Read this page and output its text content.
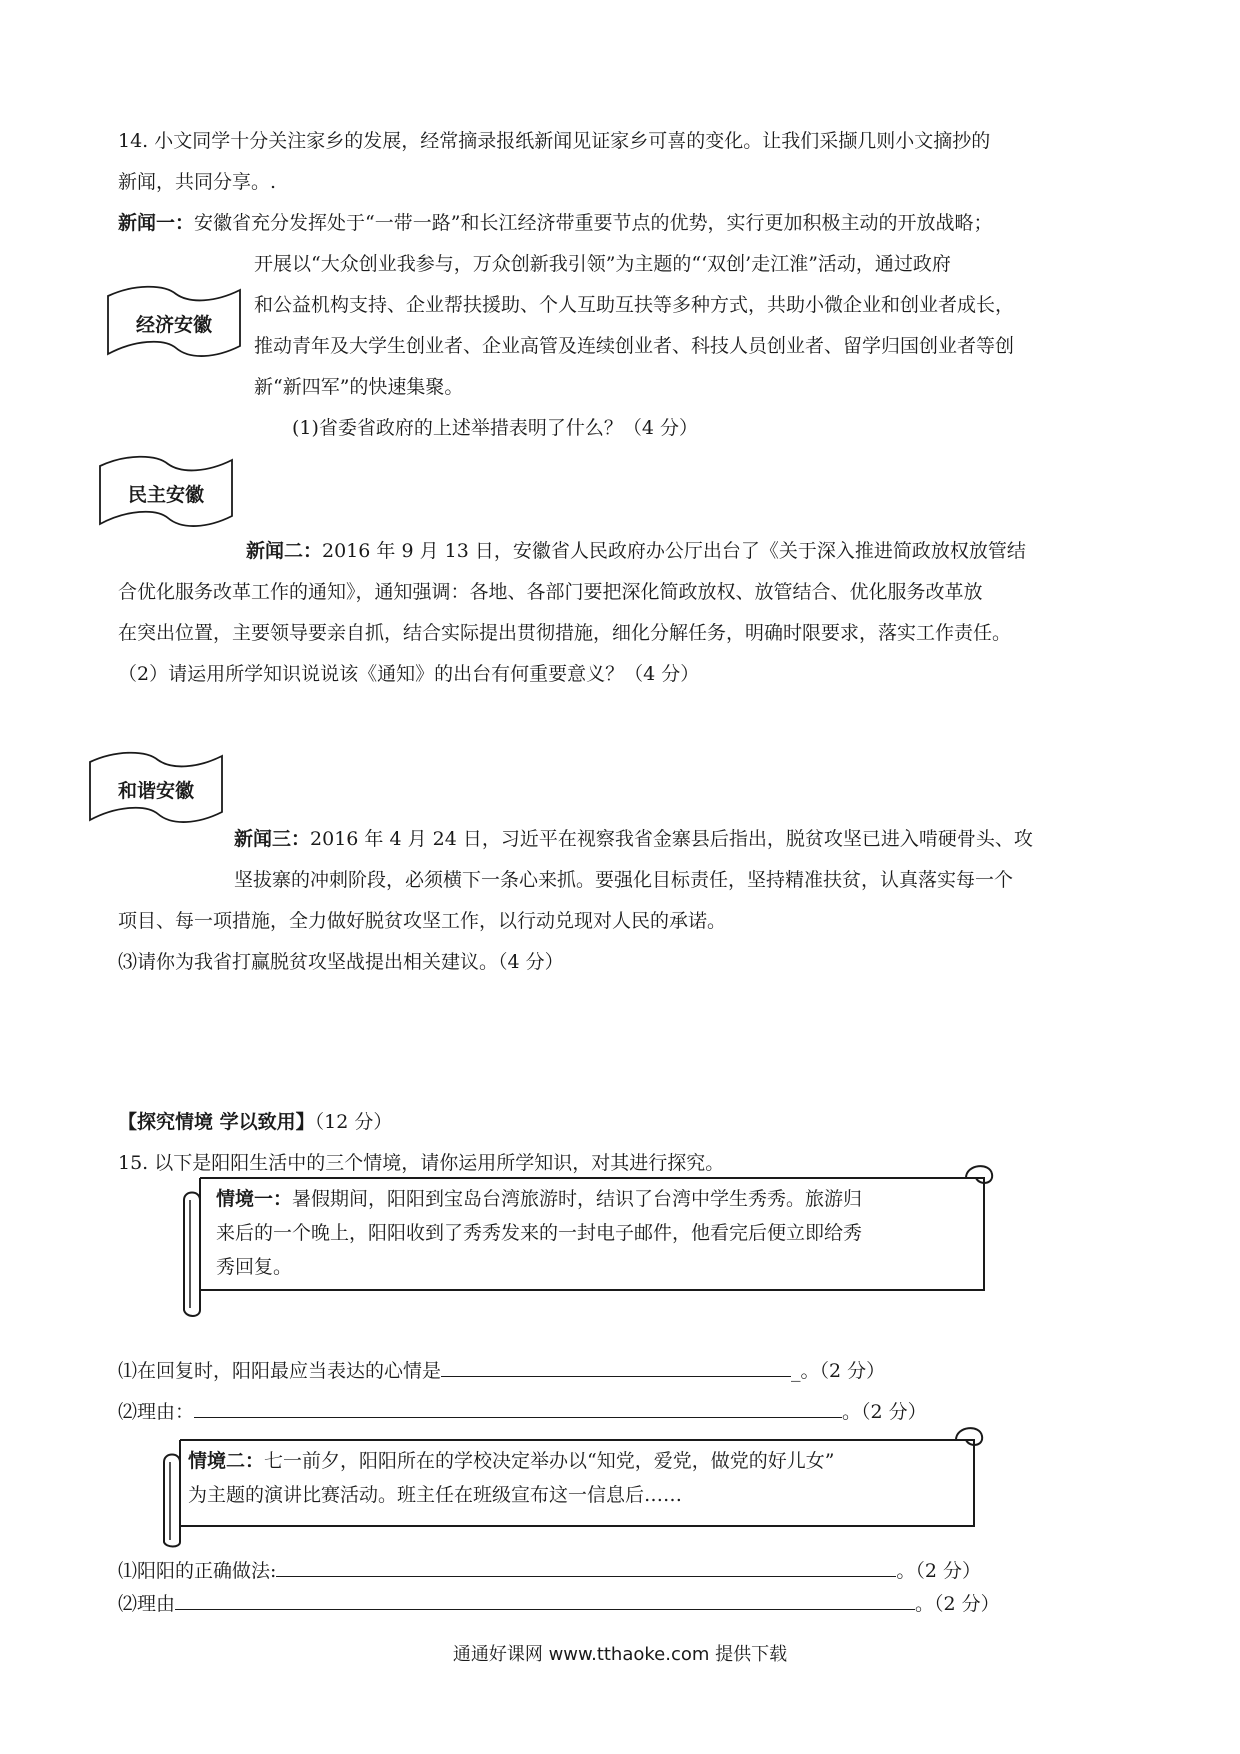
14. 小文同学十分关注家乡的发展，经常摘录报纸新闻见证家乡可喜的变化。让我们采撷几则小文摘抄的
新闻，共同分享。.
新闻一：安徽省充分发挥处于“一带一路”和长江经济带重要节点的优势，实行更加积极主动的开放战略；
开展以“大众创业我参与，万众创新我引领”为主题的“‘双创’走江淮”活动，通过政府
和公益机构支持、企业帮扶援助、个人互助互扶等多种方式，共助小微企业和创业者成长，
推动青年及大学生创业者、企业高管及连续创业者、科技人员创业者、留学归国创业者等创
新“新四军”的快速集聚。
经济安徽
(1)省委省政府的上述举措表明了什么？（4 分）
民主安徽
新闻二：2016 年 9 月 13 日，安徽省人民政府办公厅出台了《关于深入推进简政放权放管结
合优化服务改革工作的通知》，通知强调：各地、各部门要把深化简政放权、放管结合、优化服务改革放
在突出位置，主要领导要亲自抓，结合实际提出贯彻措施，细化分解任务，明确时限要求，落实工作责任。
（2）请运用所学知识说说该《通知》的出台有何重要意义？（4 分）
和谐安徽
新闻三：2016 年 4 月 24 日，习近平在视察我省金寨县后指出，脱贫攻坚已进入啃硬骨头、攻
坚拔寨的冲刺阶段，必须横下一条心来抓。要强化目标责任，坚持精准扶贫，认真落实每一个
项目、每一项措施，全力做好脱贫攻坚工作，以行动兑现对人民的承诺。
⑶请你为我省打赢脱贫攻坚战提出相关建议。（4 分）
【探究情境 学以致用】（12 分）
15. 以下是阳阳生活中的三个情境，请你运用所学知识，对其进行探究。
情境一：暑假期间，阳阳到宝岛台湾旅游时，结识了台湾中学生秀秀。旅游归
来后的一个晚上，阳阳收到了秀秀发来的一封电子邮件，他看完后便立即给秀
秀回复。
⑴在回复时，阳阳最应当表达的心情是	_。（2 分）
⑵理由：	。（2 分）
情境二：七一前夕，阳阳所在的学校决定举办以“知党，爱党，做党的好儿女”
为主题的演讲比赛活动。班主任在班级宣布这一信息后……
⑴阳阳的正确做法:	。（2 分）
⑵理由	。（2 分）
通通好课网 www.tthaoke.com 提供下载
